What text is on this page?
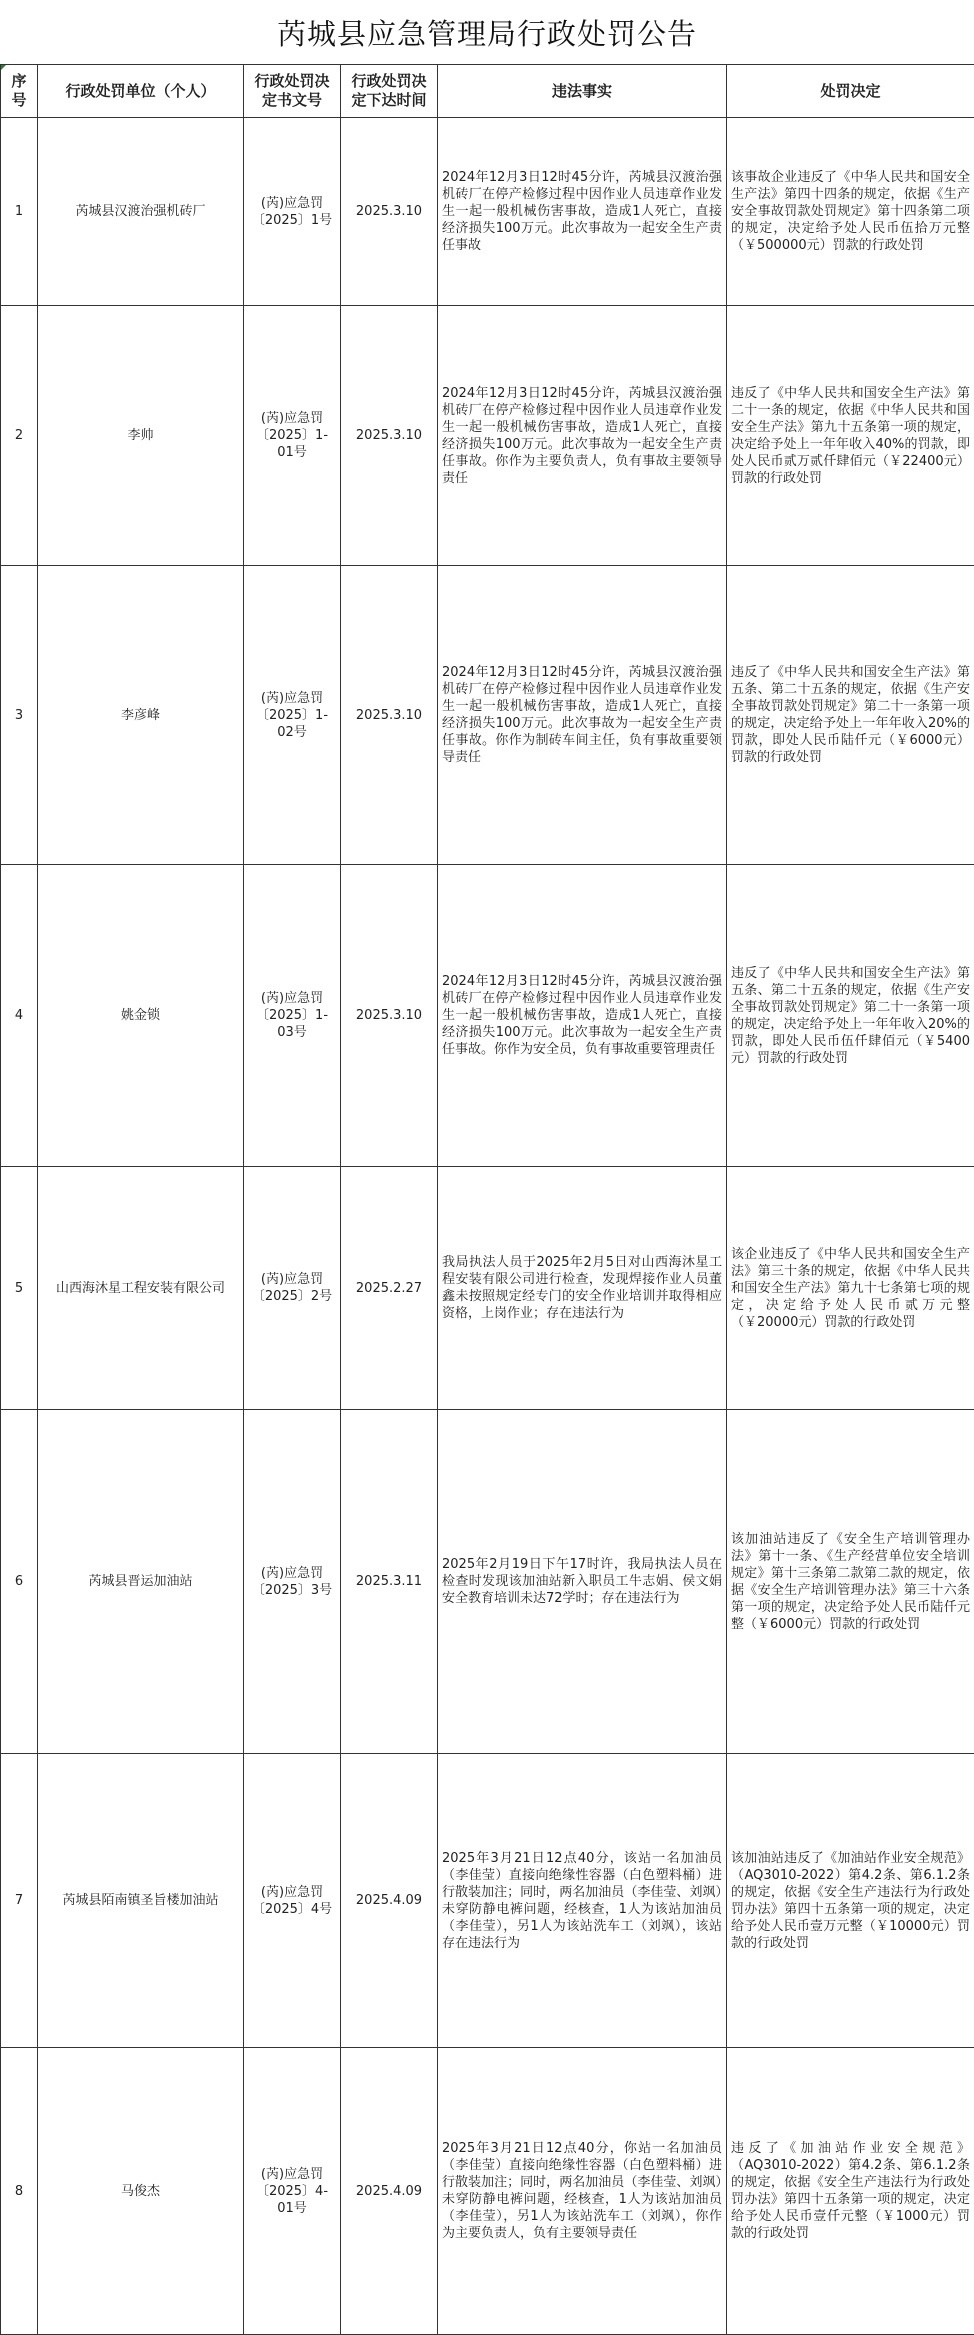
芮城县应急管理局行政处罚公告
序号	行政处罚单位（个人）	行政处罚决定书文号	行政处罚决定下达时间	违法事实	处罚决定
1	芮城县汉渡治强机砖厂	(芮)应急罚〔2025〕1号	2025.3.10	2024年12月3日12时45分许，芮城县汉渡治强机砖厂在停产检修过程中因作业人员违章作业发生一起一般机械伤害事故，造成1人死亡，直接经济损失100万元。此次事故为一起安全生产责任事故	该事故企业违反了《中华人民共和国安全生产法》第四十四条的规定，依据《生产安全事故罚款处罚规定》第十四条第二项的规定，决定给予处人民币伍拾万元整（￥500000元）罚款的行政处罚
2	李帅	(芮)应急罚〔2025〕1-01号	2025.3.10	2024年12月3日12时45分许，芮城县汉渡治强机砖厂在停产检修过程中因作业人员违章作业发生一起一般机械伤害事故，造成1人死亡，直接经济损失100万元。此次事故为一起安全生产责任事故。你作为主要负责人，负有事故主要领导责任	违反了《中华人民共和国安全生产法》第二十一条的规定，依据《中华人民共和国安全生产法》第九十五条第一项的规定，决定给予处上一年年收入40%的罚款，即处人民币贰万贰仟肆佰元（￥22400元）罚款的行政处罚
3	李彦峰	(芮)应急罚〔2025〕1-02号	2025.3.10	2024年12月3日12时45分许，芮城县汉渡治强机砖厂在停产检修过程中因作业人员违章作业发生一起一般机械伤害事故，造成1人死亡，直接经济损失100万元。此次事故为一起安全生产责任事故。你作为制砖车间主任，负有事故重要领导责任	违反了《中华人民共和国安全生产法》第五条、第二十五条的规定，依据《生产安全事故罚款处罚规定》第二十一条第一项的规定，决定给予处上一年年收入20%的罚款，即处人民币陆仟元（￥6000元）罚款的行政处罚
4	姚金锁	(芮)应急罚〔2025〕1-03号	2025.3.10	2024年12月3日12时45分许，芮城县汉渡治强机砖厂在停产检修过程中因作业人员违章作业发生一起一般机械伤害事故，造成1人死亡，直接经济损失100万元。此次事故为一起安全生产责任事故。你作为安全员，负有事故重要管理责任	违反了《中华人民共和国安全生产法》第五条、第二十五条的规定，依据《生产安全事故罚款处罚规定》第二十一条第一项的规定，决定给予处上一年年收入20%的罚款，即处人民币伍仟肆佰元（￥5400元）罚款的行政处罚
5	山西海沐星工程安装有限公司	(芮)应急罚〔2025〕2号	2025.2.27	我局执法人员于2025年2月5日对山西海沐星工程安装有限公司进行检查，发现焊接作业人员董鑫未按照规定经专门的安全作业培训并取得相应资格，上岗作业；存在违法行为	该企业违反了《中华人民共和国安全生产法》第三十条的规定，依据《中华人民共和国安全生产法》第九十七条第七项的规定，决定给予处人民币贰万元整（￥20000元）罚款的行政处罚
6	芮城县晋运加油站	(芮)应急罚〔2025〕3号	2025.3.11	2025年2月19日下午17时许，我局执法人员在检查时发现该加油站新入职员工牛志娟、侯文娟安全教育培训未达72学时；存在违法行为	该加油站违反了《安全生产培训管理办法》第十一条、《生产经营单位安全培训规定》第十三条第二款第二款的规定，依据《安全生产培训管理办法》第三十六条第一项的规定，决定给予处人民币陆仟元整（￥6000元）罚款的行政处罚
7	芮城县陌南镇圣旨楼加油站	(芮)应急罚〔2025〕4号	2025.4.09	2025年3月21日12点40分，该站一名加油员（李佳莹）直接向绝缘性容器（白色塑料桶）进行散装加注；同时，两名加油员（李佳莹、刘飒）未穿防静电裤问题，经核查，1人为该站加油员（李佳莹），另1人为该站洗车工（刘飒），该站存在违法行为	该加油站违反了《加油站作业安全规范》（AQ3010-2022）第4.2条、第6.1.2条的规定，依据《安全生产违法行为行政处罚办法》第四十五条第一项的规定，决定给予处人民币壹万元整（￥10000元）罚款的行政处罚
8	马俊杰	(芮)应急罚〔2025〕4-01号	2025.4.09	2025年3月21日12点40分，你站一名加油员（李佳莹）直接向绝缘性容器（白色塑料桶）进行散装加注；同时，两名加油员（李佳莹、刘飒）未穿防静电裤问题，经核查，1人为该站加油员（李佳莹），另1人为该站洗车工（刘飒），你作为主要负责人，负有主要领导责任	违反了《加油站作业安全规范》（AQ3010-2022）第4.2条、第6.1.2条的规定，依据《安全生产违法行为行政处罚办法》第四十五条第一项的规定，决定给予处人民币壹仟元整（￥1000元）罚款的行政处罚
